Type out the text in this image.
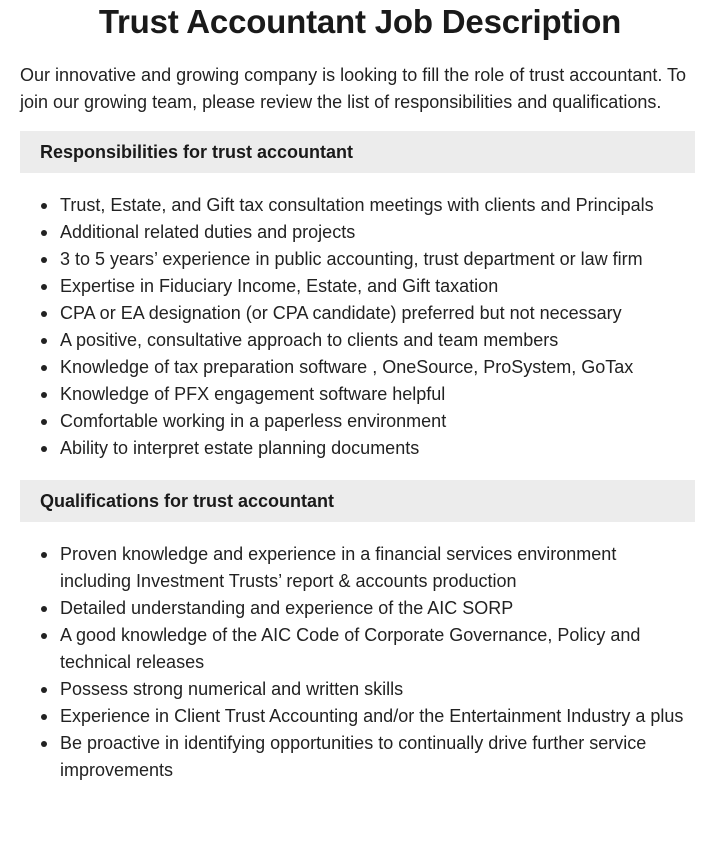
Trust Accountant Job Description

Our innovative and growing company is looking to fill the role of trust accountant. To join our growing team, please review the list of responsibilities and qualifications.

Responsibilities for trust accountant
Trust, Estate, and Gift tax consultation meetings with clients and Principals
Additional related duties and projects
3 to 5 years’ experience in public accounting, trust department or law firm
Expertise in Fiduciary Income, Estate, and Gift taxation
CPA or EA designation (or CPA candidate) preferred but not necessary
A positive, consultative approach to clients and team members
Knowledge of tax preparation software , OneSource, ProSystem, GoTax
Knowledge of PFX engagement software helpful
Comfortable working in a paperless environment
Ability to interpret estate planning documents
Qualifications for trust accountant
Proven knowledge and experience in a financial services environment including Investment Trusts’ report & accounts production
Detailed understanding and experience of the AIC SORP
A good knowledge of the AIC Code of Corporate Governance, Policy and technical releases
Possess strong numerical and written skills
Experience in Client Trust Accounting and/or the Entertainment Industry a plus
Be proactive in identifying opportunities to continually drive further service improvements
